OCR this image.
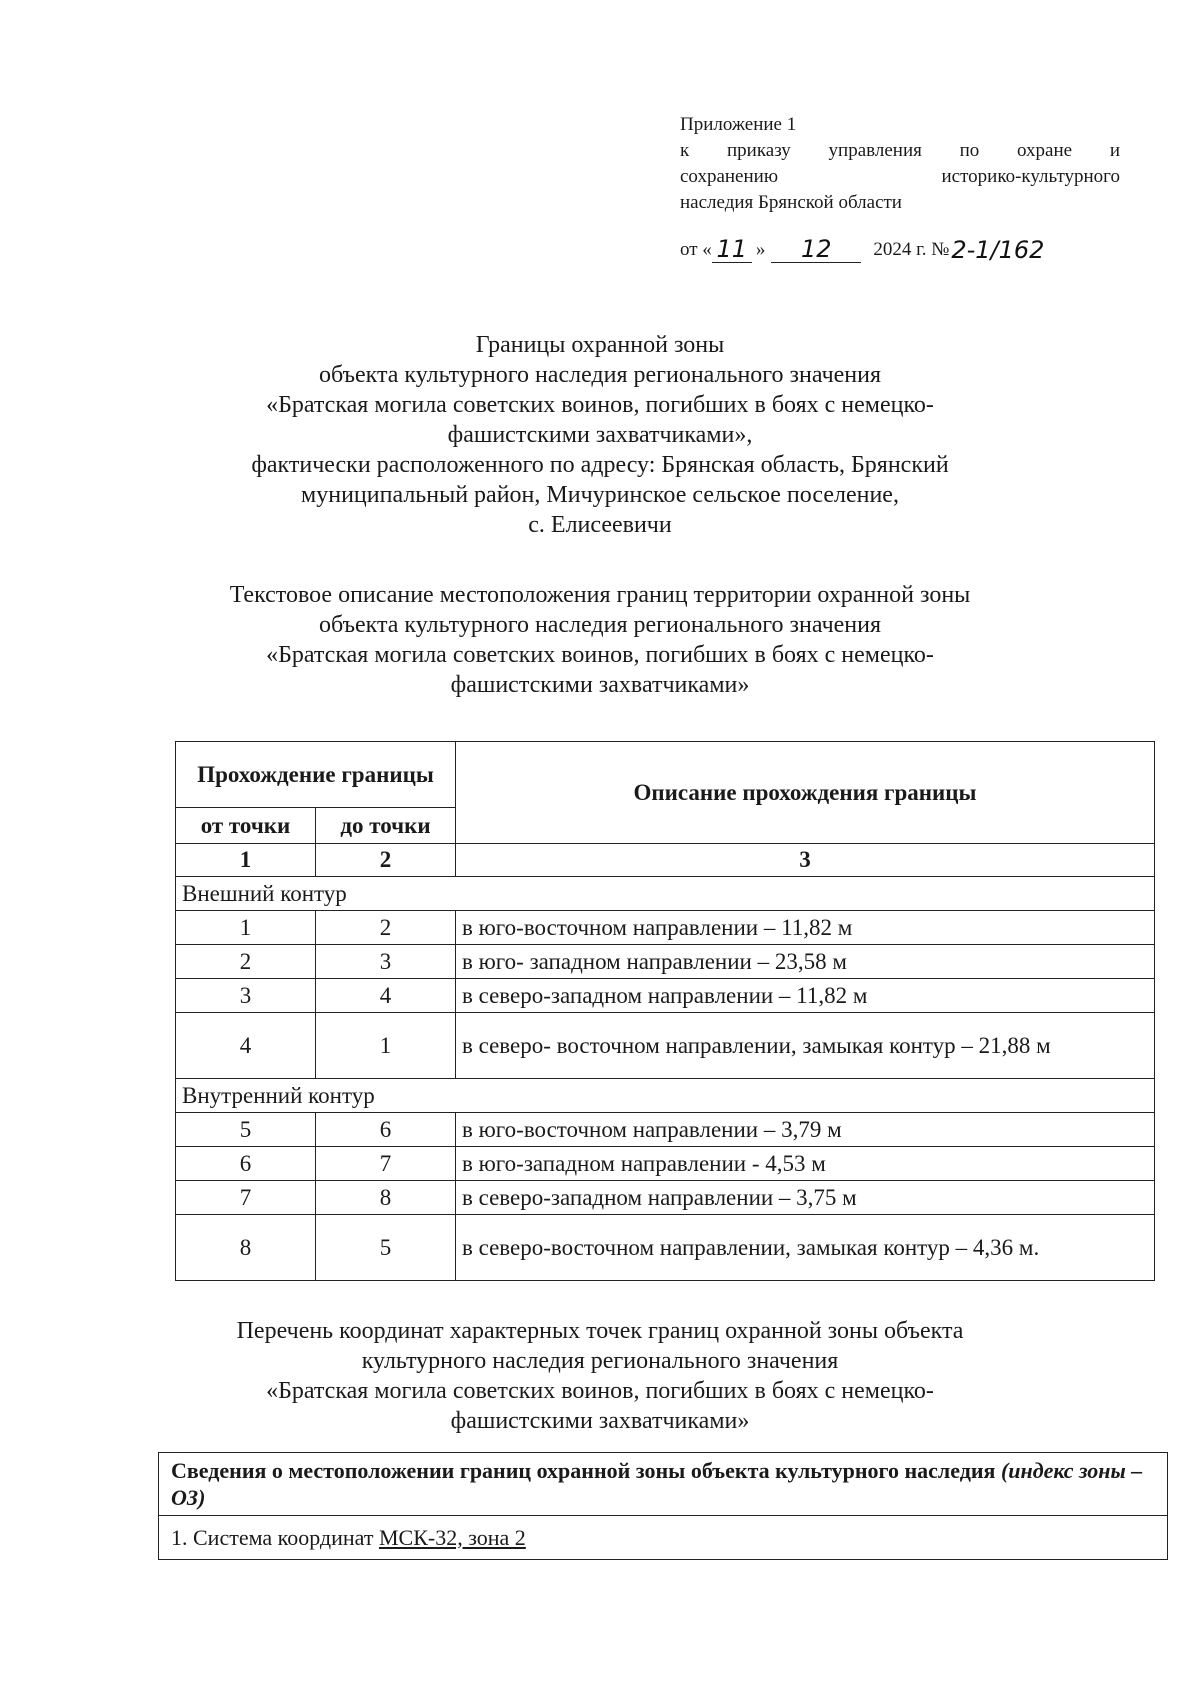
Приложение 1
к приказу управления по охране и
сохранению историко-культурного
наследия Брянской области
от « 11 »	12	2024 г. № 2-1/162
Границы охранной зоны
объекта культурного наследия регионального значения
«Братская могила советских воинов, погибших в боях с немецко-
фашистскими захватчиками»,
фактически расположенного по адресу: Брянская область, Брянский
муниципальный район, Мичуринское сельское поселение,
с. Елисеевичи
Текстовое описание местоположения границ территории охранной зоны
объекта культурного наследия регионального значения
«Братская могила советских воинов, погибших в боях с немецко-
фашистскими захватчиками»
Прохождение границы		Описание прохождения границы
от точки	до точки	
1	2	3
Внешний контур		
1	2	в юго-восточном направлении – 11,82 м
2	3	в юго- западном направлении – 23,58 м
3	4	в северо-западном направлении – 11,82 м
4	1	в северо- восточном направлении, замыкая контур – 21,88 м
Внутренний контур		
5	6	в юго-восточном направлении – 3,79 м
6	7	в юго-западном направлении - 4,53 м
7	8	в северо-западном направлении – 3,75 м
8	5	в северо-восточном направлении, замыкая контур – 4,36 м.
Перечень координат характерных точек границ охранной зоны объекта
культурного наследия регионального значения
«Братская могила советских воинов, погибших в боях с немецко-
фашистскими захватчиками»
Сведения о местоположении границ охранной зоны объекта культурного наследия (индекс зоны – ОЗ)
1. Система координат МСК-32, зона 2
